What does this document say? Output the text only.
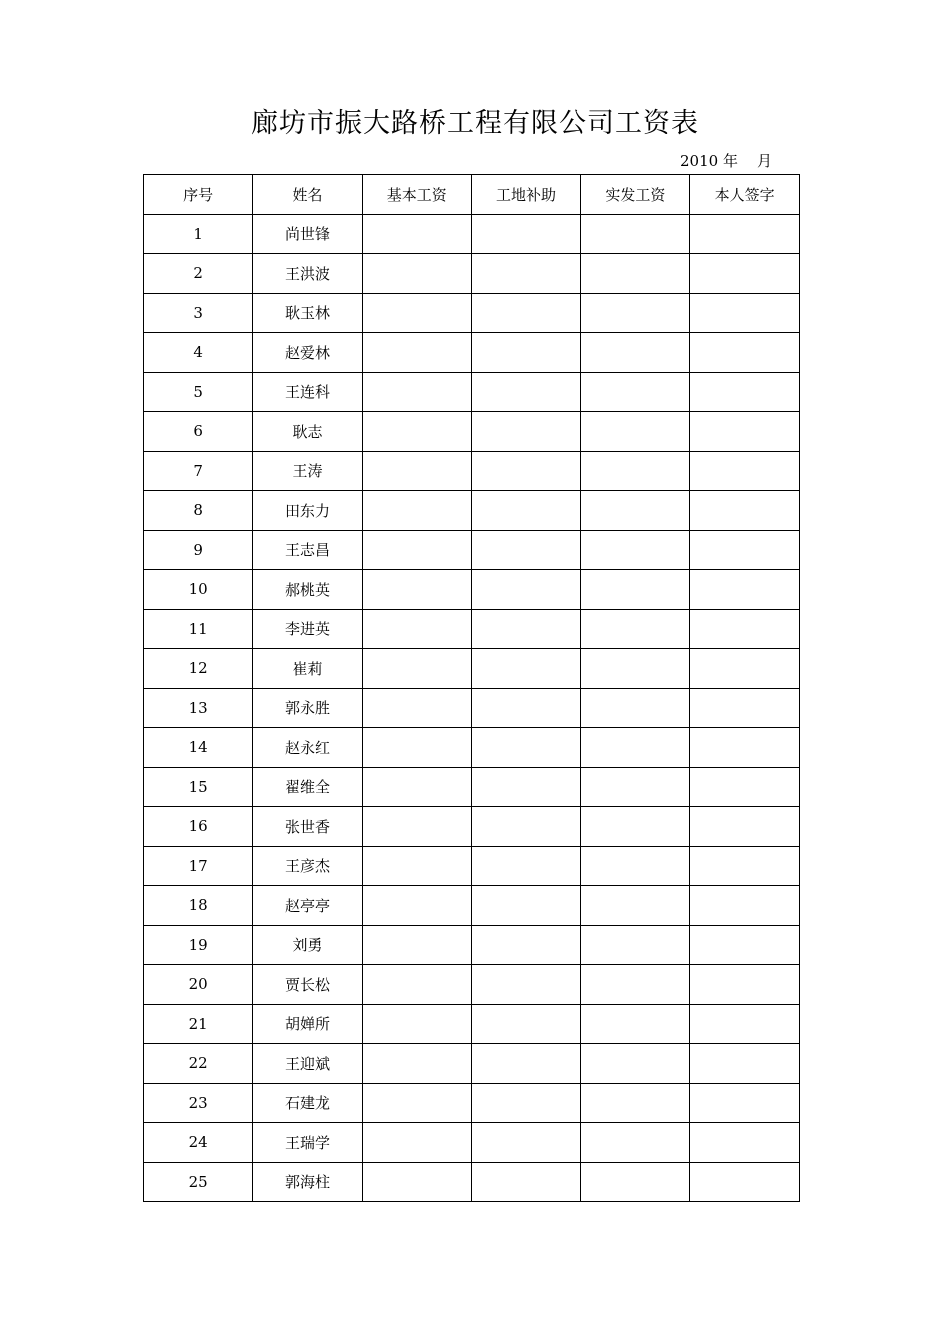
廊坊市振大路桥工程有限公司工资表
2010 年    月
序号	姓名	基本工资	工地补助	实发工资	本人签字
1	尚世锋				
2	王洪波				
3	耿玉林				
4	赵爱林				
5	王连科				
6	耿志				
7	王涛				
8	田东力				
9	王志昌				
10	郝桃英				
11	李进英				
12	崔莉				
13	郭永胜				
14	赵永红				
15	翟维全				
16	张世香				
17	王彦杰				
18	赵亭亭				
19	刘勇				
20	贾长松				
21	胡婵所				
22	王迎斌				
23	石建龙				
24	王瑞学				
25	郭海柱				
